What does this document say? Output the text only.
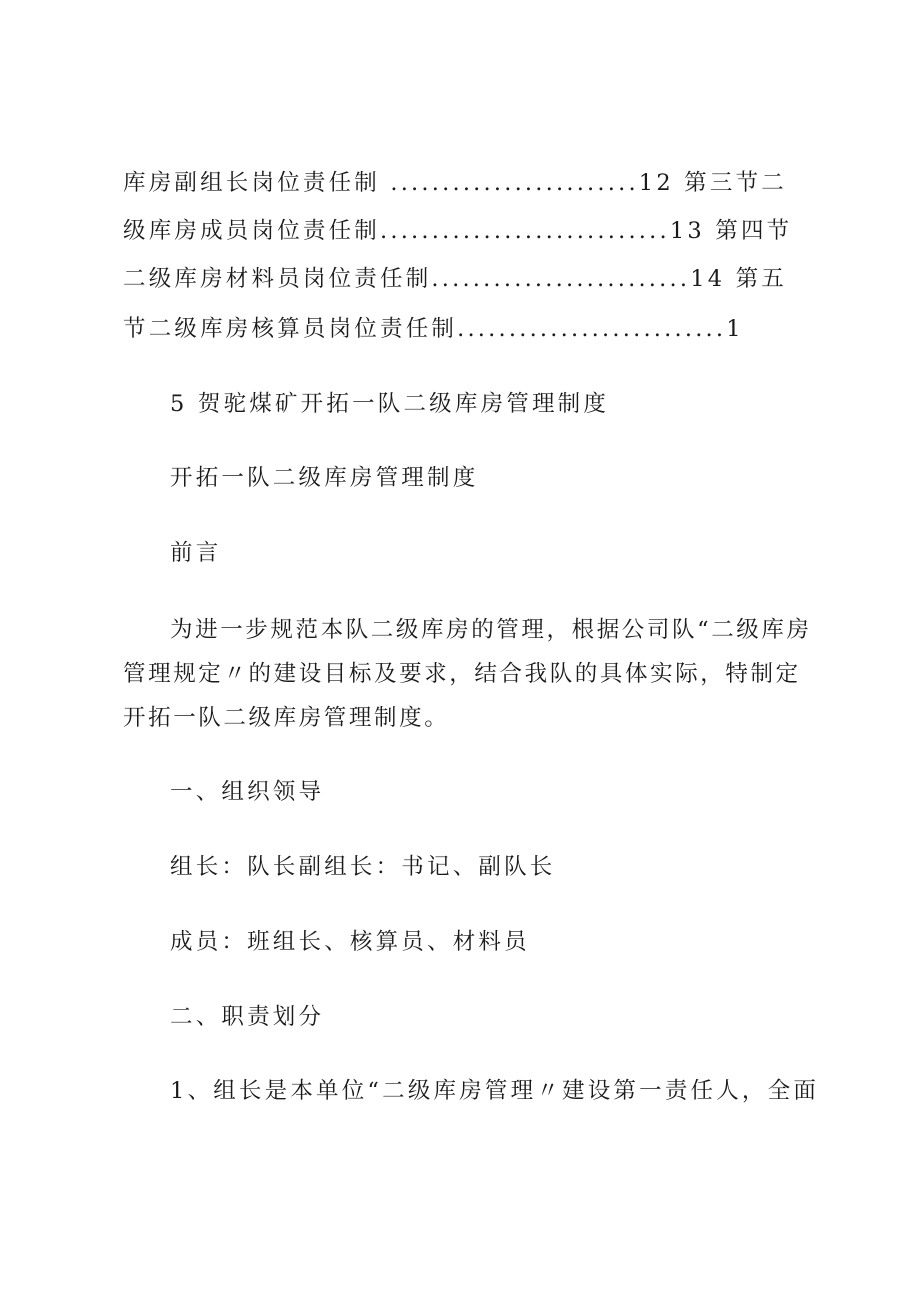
库房副组长岗位责任制 ........................12 第三节二
级库房成员岗位责任制............................13 第四节
二级库房材料员岗位责任制.........................14 第五
节二级库房核算员岗位责任制..........................1
5 贺驼煤矿开拓一队二级库房管理制度
开拓一队二级库房管理制度
前言

为进一步规范本队二级库房的管理，根据公司队“二级库房管理规定〃的建设目标及要求，结合我队的具体实际，特制定开拓一队二级库房管理制度。

一、组织领导
组长：队长副组长：书记、副队长
成员：班组长、核算员、材料员
二、职责划分
1、组长是本单位“二级库房管理〃建设第一责任人，全面
